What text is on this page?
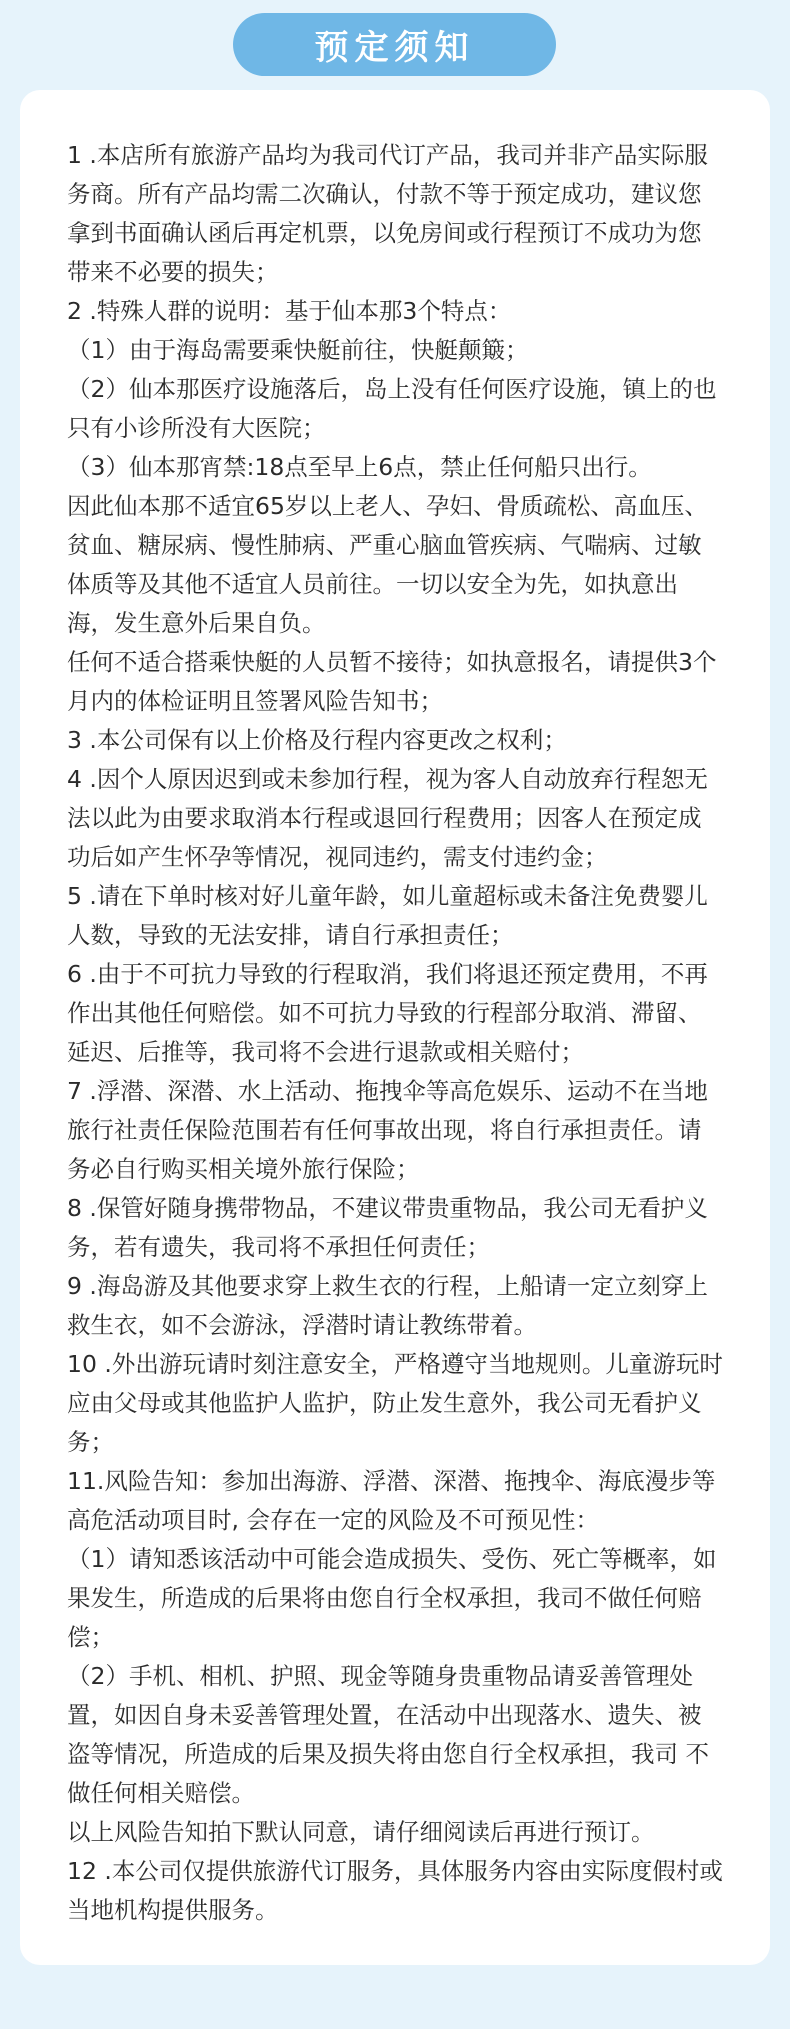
预定须知

1 .本店所有旅游产品均为我司代订产品，我司并非产品实际服务商。所有产品均需二次确认，付款不等于预定成功，建议您拿到书面确认函后再定机票，以免房间或行程预订不成功为您带来不必要的损失；

2 .特殊人群的说明：基于仙本那3个特点：

（1）由于海岛需要乘快艇前往，快艇颠簸；

（2）仙本那医疗设施落后，岛上没有任何医疗设施，镇上的也只有小诊所没有大医院；

（3）仙本那宵禁:18点至早上6点，禁止任何船只出行。

因此仙本那不适宜65岁以上老人、孕妇、骨质疏松、高血压、贫血、糖尿病、慢性肺病、严重心脑血管疾病、气喘病、过敏体质等及其他不适宜人员前往。一切以安全为先，如执意出海，发生意外后果自负。

任何不适合搭乘快艇的人员暂不接待；如执意报名，请提供3个月内的体检证明且签署风险告知书；

3 .本公司保有以上价格及行程内容更改之权利；

4 .因个人原因迟到或未参加行程，视为客人自动放弃行程恕无法以此为由要求取消本行程或退回行程费用；因客人在预定成功后如产生怀孕等情况，视同违约，需支付违约金；

5 .请在下单时核对好儿童年龄，如儿童超标或未备注免费婴儿人数，导致的无法安排，请自行承担责任；

6 .由于不可抗力导致的行程取消，我们将退还预定费用，不再作出其他任何赔偿。如不可抗力导致的行程部分取消、滞留、延迟、后推等，我司将不会进行退款或相关赔付；

7 .浮潜、深潜、水上活动、拖拽伞等高危娱乐、运动不在当地旅行社责任保险范围若有任何事故出现，将自行承担责任。请务必自行购买相关境外旅行保险；

8 .保管好随身携带物品，不建议带贵重物品，我公司无看护义务，若有遗失，我司将不承担任何责任；

9 .海岛游及其他要求穿上救生衣的行程，上船请一定立刻穿上救生衣，如不会游泳，浮潜时请让教练带着。

10 .外出游玩请时刻注意安全，严格遵守当地规则。儿童游玩时应由父母或其他监护人监护，防止发生意外，我公司无看护义务；

11.风险告知：参加出海游、浮潜、深潜、拖拽伞、海底漫步等高危活动项目时, 会存在一定的风险及不可预见性：

（1）请知悉该活动中可能会造成损失、受伤、死亡等概率，如果发生，所造成的后果将由您自行全权承担，我司不做任何赔偿；

（2）手机、相机、护照、现金等随身贵重物品请妥善管理处置，如因自身未妥善管理处置，在活动中出现落水、遗失、被盗等情况，所造成的后果及损失将由您自行全权承担，我司 不做任何相关赔偿。

以上风险告知拍下默认同意，请仔细阅读后再进行预订。

12 .本公司仅提供旅游代订服务，具体服务内容由实际度假村或当地机构提供服务。
